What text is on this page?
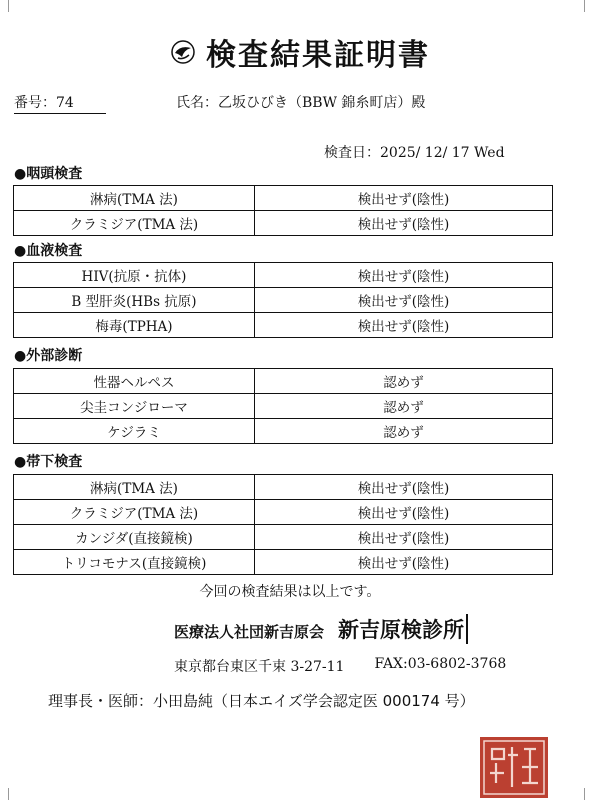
検査結果証明書
番号：74	氏名：乙坂ひびき（BBW 錦糸町店）殿
検査日：2025/ 12/ 17 Wed
●咽頭検査
淋病(TMA 法)	検出せず(陰性)
クラミジア(TMA 法)	検出せず(陰性)
●血液検査
HIV(抗原・抗体)	検出せず(陰性)
B 型肝炎(HBs 抗原)	検出せず(陰性)
梅毒(TPHA)	検出せず(陰性)
●外部診断
性器ヘルペス	認めず
尖圭コンジローマ	認めず
ケジラミ	認めず
●帯下検査
淋病(TMA 法)	検出せず(陰性)
クラミジア(TMA 法)	検出せず(陰性)
カンジダ(直接鏡検)	検出せず(陰性)
トリコモナス(直接鏡検)	検出せず(陰性)
今回の検査結果は以上です。
医療法人社団新吉原会 新吉原検診所
東京都台東区千束 3-27-11 FAX:03-6802-3768
理事長・医師：小田島純（日本エイズ学会認定医 000174 号）
